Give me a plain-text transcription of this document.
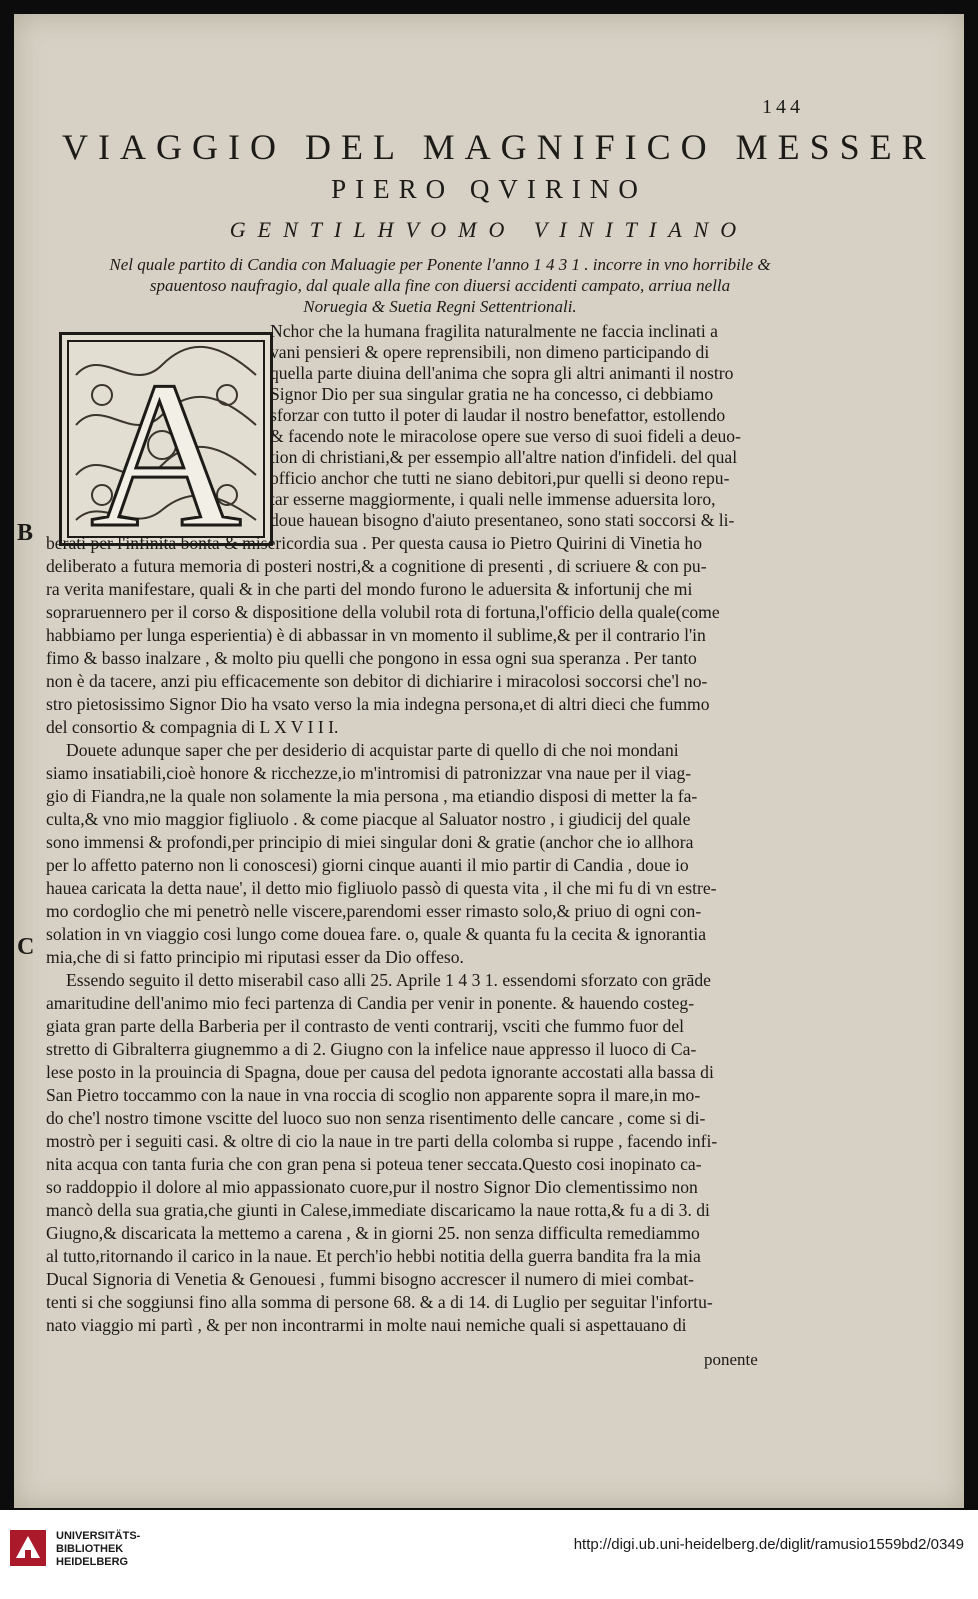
144
VIAGGIO DEL MAGNIFICO MESSER
PIERO QVIRINO
GENTILHVOMO VINITIANO
Nel quale partito di Candia con Maluagie per Ponente l'anno 1 4 3 1 . incorre in vno horribile &
spauentoso naufragio, dal quale alla fine con diuersi accidenti campato, arriua nella
Noruegia & Suetia Regni Settentrionali.
A
B
C
Nchor che la humana fragilita naturalmente ne faccia inclinati a
vani pensieri & opere reprensibili, non dimeno participando di
quella parte diuina dell'anima che sopra gli altri animanti il nostro
Signor Dio per sua singular gratia ne ha concesso, ci debbiamo
sforzar con tutto il poter di laudar il nostro benefattor, estollendo
& facendo note le miracolose opere sue verso di suoi fideli a deuo-
tion di christiani,& per essempio all'altre nation d'infideli. del qual
officio anchor che tutti ne siano debitori,pur quelli si deono repu-
tar esserne maggiormente, i quali nelle immense aduersita loro,
doue hauean bisogno d'aiuto presentaneo, sono stati soccorsi & li-
berati per l'infinita bonta & misericordia sua . Per questa causa io Pietro Quirini di Vinetia ho
deliberato a futura memoria di posteri nostri,& a cognitione di presenti , di scriuere & con pu-
ra verita manifestare, quali & in che parti del mondo furono le aduersita & infortunij che mi
sopraruennero per il corso & dispositione della volubil rota di fortuna,l'officio della quale(come
habbiamo per lunga esperientia) è di abbassar in vn momento il sublime,& per il contrario l'in
fimo & basso inalzare , & molto piu quelli che pongono in essa ogni sua speranza . Per tanto
non è da tacere, anzi piu efficacemente son debitor di dichiarire i miracolosi soccorsi che'l no-
stro pietosissimo Signor Dio ha vsato verso la mia indegna persona,et di altri dieci che fummo
del consortio & compagnia di L X V I I I.
Douete adunque saper che per desiderio di acquistar parte di quello di che noi mondani
siamo insatiabili,cioè honore & ricchezze,io m'intromisi di patronizzar vna naue per il viag-
gio di Fiandra,ne la quale non solamente la mia persona , ma etiandio disposi di metter la fa-
culta,& vno mio maggior figliuolo . & come piacque al Saluator nostro , i giudicij del quale
sono immensi & profondi,per principio di miei singular doni & gratie (anchor che io allhora
per lo affetto paterno non li conoscesi) giorni cinque auanti il mio partir di Candia , doue io
hauea caricata la detta naue', il detto mio figliuolo passò di questa vita , il che mi fu di vn estre-
mo cordoglio che mi penetrò nelle viscere,parendomi esser rimasto solo,& priuo di ogni con-
solation in vn viaggio cosi lungo come doueа fare. o, quale & quanta fu la cecita & ignorantia
mia,che di si fatto principio mi riputasi esser da Dio offeso.
Essendo seguito il detto miserabil caso alli 25. Aprile 1 4 3 1. essendomi sforzato con grāde
amaritudine dell'animo mio feci partenza di Candia per venir in ponente. & hauendo costeg-
giata gran parte della Barberia per il contrasto de venti contrarij, vsciti che fummo fuor del
stretto di Gibralterra giugnemmo a di 2. Giugno con la infelice naue appresso il luoco di Ca-
lese posto in la prouincia di Spagna, doue per causa del pedota ignorante accostati alla bassa di
San Pietro toccammo con la naue in vna roccia di scoglio non apparente sopra il mare,in mo-
do che'l nostro timone vscitte del luoco suo non senza risentimento delle cancare , come si di-
mostrò per i seguiti casi. & oltre di cio la naue in tre parti della colomba si ruppe , facendo infi-
nita acqua con tanta furia che con gran pena si poteua tener seccata.Questo cosi inopinato ca-
so raddoppio il dolore al mio appassionato cuore,pur il nostro Signor Dio clementissimo non
mancò della sua gratia,che giunti in Calese,immediate discaricamo la naue rotta,& fu a di 3. di
Giugno,& discaricata la mettemo a carena , & in giorni 25. non senza difficulta remediammo
al tutto,ritornando il carico in la naue. Et perch'io hebbi notitia della guerra bandita fra la mia
Ducal Signoria di Venetia & Genouesi , fummi bisogno accrescer il numero di miei combat-
tenti si che soggiunsi fino alla somma di persone 68. & a di 14. di Luglio per seguitar l'infortu-
nato viaggio mi partì , & per non incontrarmi in molte naui nemiche quali si aspettauano di
ponente
UNIVERSITÄTS-
BIBLIOTHEK
HEIDELBERG
http://digi.ub.uni-heidelberg.de/diglit/ramusio1559bd2/0349
